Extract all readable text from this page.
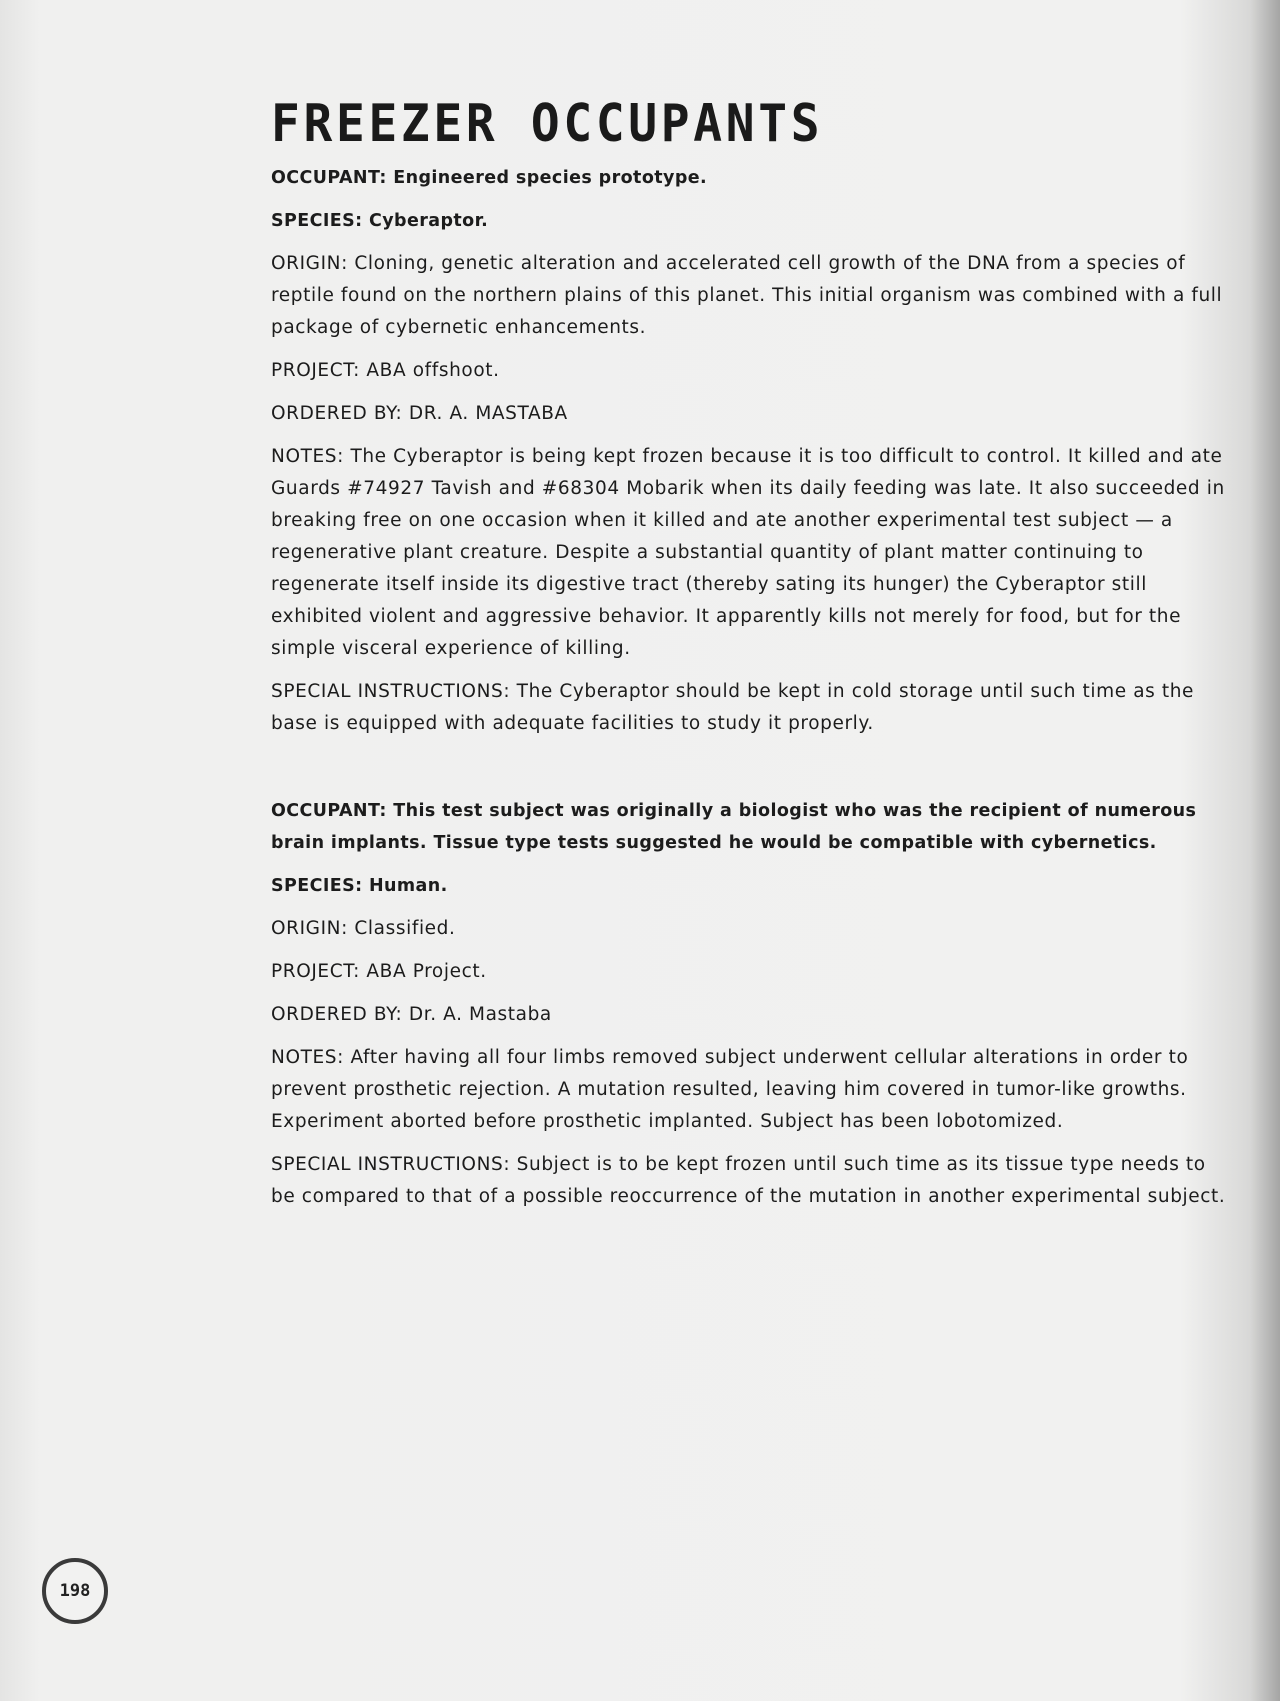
FREEZER OCCUPANTS

OCCUPANT: Engineered species prototype.

SPECIES: Cyberaptor.

ORIGIN: Cloning, genetic alteration and accelerated cell growth of the DNA from a species of reptile found on the northern plains of this planet. This initial organism was combined with a full package of cybernetic enhancements.

PROJECT: ABA offshoot.

ORDERED BY: DR. A. MASTABA

NOTES: The Cyberaptor is being kept frozen because it is too difficult to control. It killed and ate Guards #74927 Tavish and #68304 Mobarik when its daily feeding was late. It also succeeded in breaking free on one occasion when it killed and ate another experimental test subject — a regenerative plant creature. Despite a substantial quantity of plant matter continuing to regenerate itself inside its digestive tract (thereby sating its hunger) the Cyberaptor still exhibited violent and aggressive behavior. It apparently kills not merely for food, but for the simple visceral experience of killing.

SPECIAL INSTRUCTIONS: The Cyberaptor should be kept in cold storage until such time as the base is equipped with adequate facilities to study it properly.

OCCUPANT: This test subject was originally a biologist who was the recipient of numerous brain implants. Tissue type tests suggested he would be compatible with cybernetics.

SPECIES: Human.

ORIGIN: Classified.

PROJECT: ABA Project.

ORDERED BY: Dr. A. Mastaba

NOTES: After having all four limbs removed subject underwent cellular alterations in order to prevent prosthetic rejection. A mutation resulted, leaving him covered in tumor-like growths. Experiment aborted before prosthetic implanted. Subject has been lobotomized.

SPECIAL INSTRUCTIONS: Subject is to be kept frozen until such time as its tissue type needs to be compared to that of a possible reoccurrence of the mutation in another experimental subject.

198
